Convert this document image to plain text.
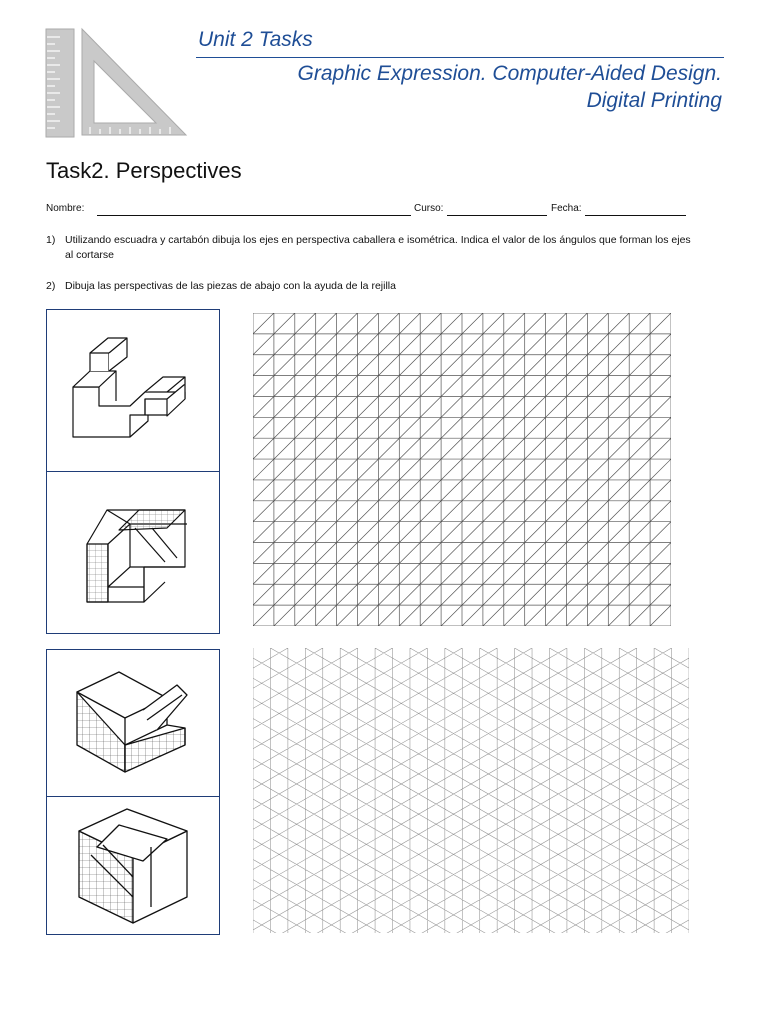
Unit 2 Tasks
Graphic Expression. Computer-Aided Design.
Digital Printing
Task2. Perspectives
Nombre:	Curso:	Fecha:
1) Utilizando escuadra y cartabón dibuja los ejes en perspectiva caballera e isométrica. Indica el valor de los ángulos que forman los ejes al cortarse
2) Dibuja las perspectivas de las piezas de abajo con la ayuda de la rejilla
